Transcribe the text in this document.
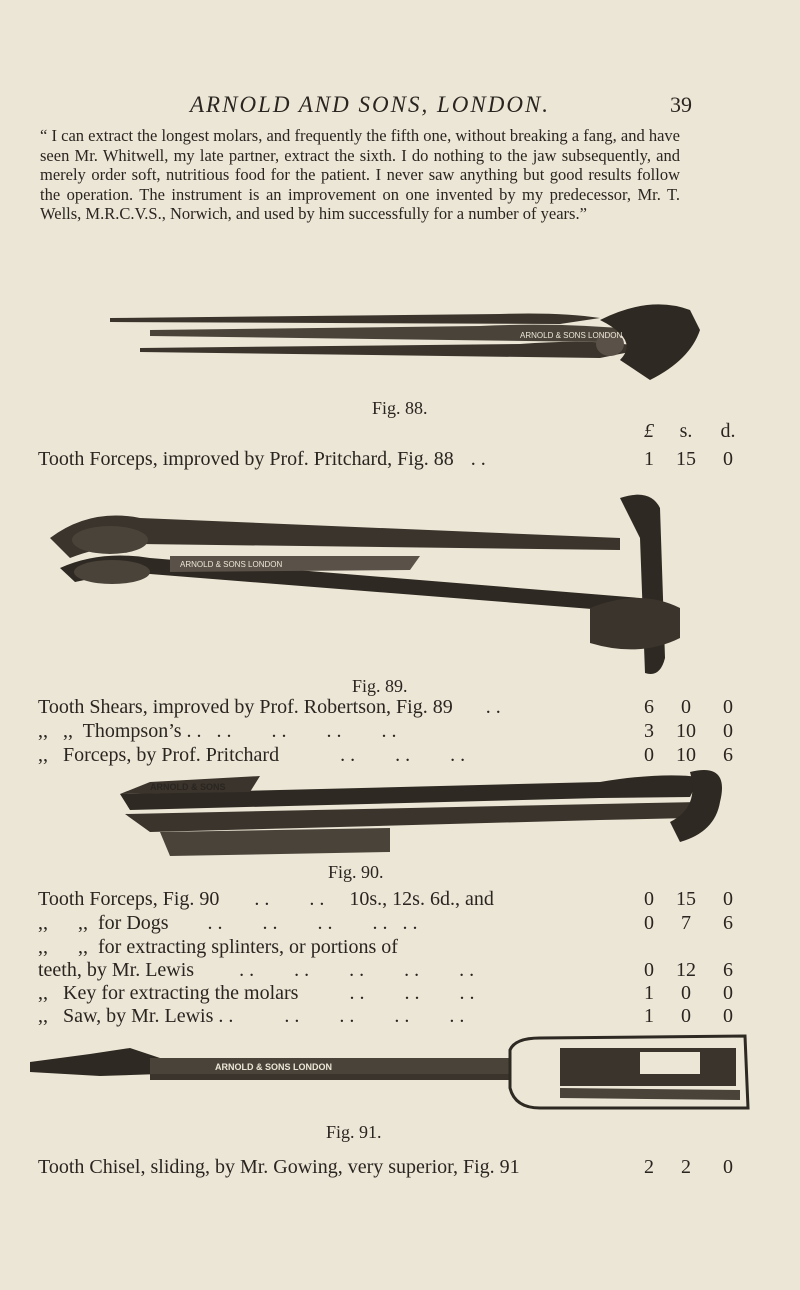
ARNOLD AND SONS, LONDON.	39
“ I can extract the longest molars, and frequently the fifth one, without breaking a fang, and have seen Mr. Whitwell, my late partner, extract the sixth. I do nothing to the jaw subsequently, and merely order soft, nutritious food for the patient. I never saw anything but good results follow the operation. The instrument is an improvement on one invented by my predecessor, Mr. T. Wells, M.R.C.V.S., Norwich, and used by him successfully for a number of years.”
ARNOLD & SONS LONDON
Fig. 88.
£	s.	d.
Tooth Forceps, improved by Prof. Pritchard, Fig. 88 . .	1	15	0
ARNOLD & SONS LONDON
Fig. 89.
Tooth Shears, improved by Prof. Robertson, Fig. 89 . .	6	0	0
,,   ,,  Thompson’s . . . .        . .        . .        . .	3	10	0
,,   Forceps, by Prof. Pritchard	. .        . .        . .	0	10	6
ARNOLD & SONS
Fig. 90.
Tooth Forceps, Fig. 90 . .        . . 10s., 12s. 6d., and	0	15	0
,,      ,,  for Dogs . .        . .        . .        . .   . .	0	7	6
,,      ,,  for extracting splinters, or portions of
teeth, by Mr. Lewis . .        . .        . .        . .        . .	0	12	6
,,   Key for extracting the molars	. .        . .        . .	1	0	0
,,   Saw, by Mr. Lewis . .	. .        . .        . .        . .	1	0	0
ARNOLD & SONS LONDON
Fig. 91.
Tooth Chisel, sliding, by Mr. Gowing, very superior, Fig. 91	2	2	0
